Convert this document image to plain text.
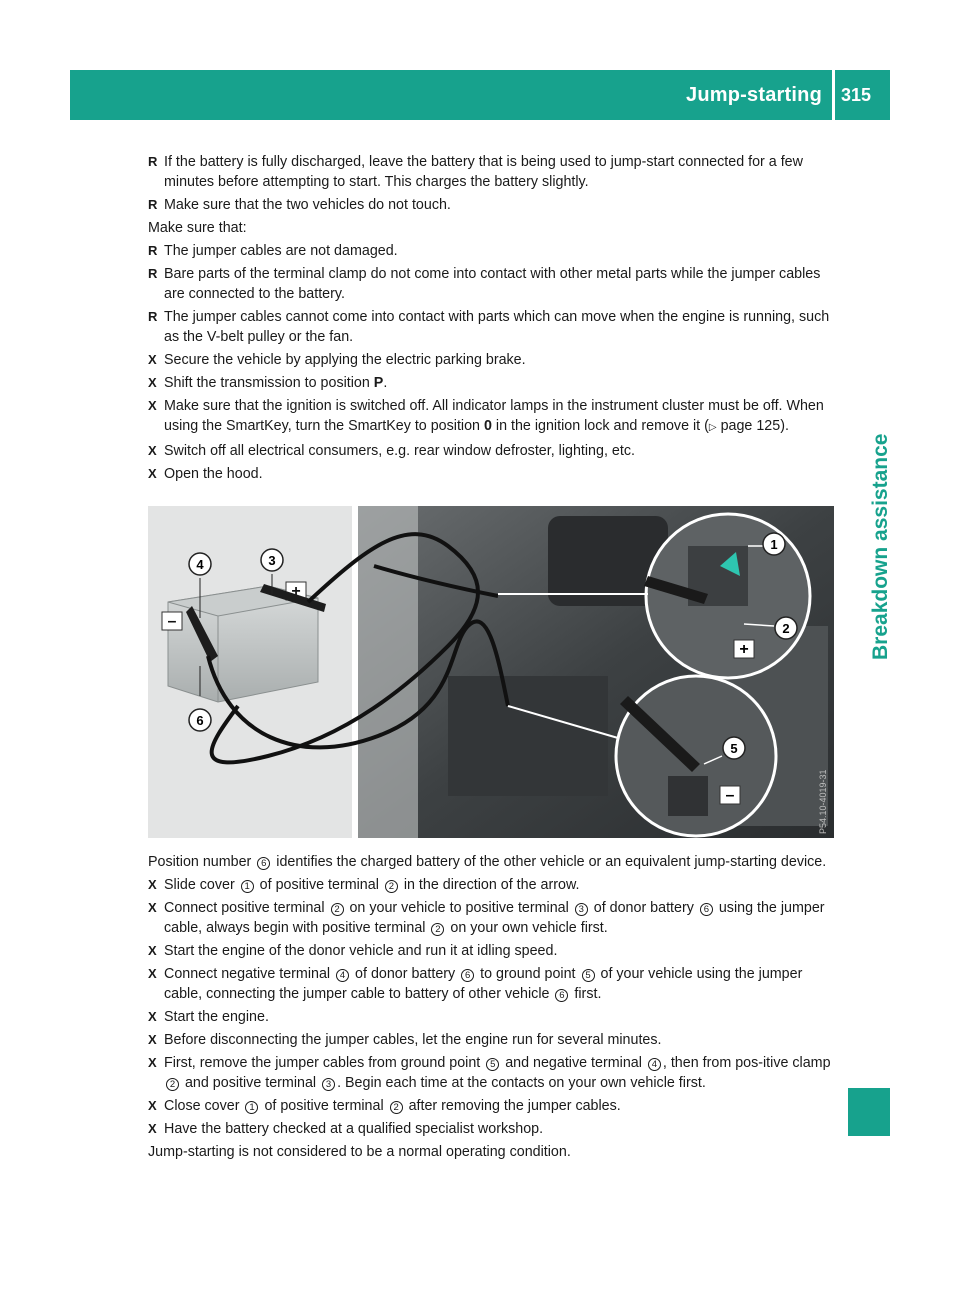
Jump-starting 315
Breakdown assistance
R If the battery is fully discharged, leave the battery that is being used to jump-start connected for a few minutes before attempting to start. This charges the battery slightly.
R Make sure that the two vehicles do not touch.
Make sure that:
R The jumper cables are not damaged.
R Bare parts of the terminal clamp do not come into contact with other metal parts while the jumper cables are connected to the battery.
R The jumper cables cannot come into contact with parts which can move when the engine is running, such as the V-belt pulley or the fan.
X Secure the vehicle by applying the electric parking brake.
X Shift the transmission to position P.
X Make sure that the ignition is switched off. All indicator lamps in the instrument cluster must be off. When using the SmartKey, turn the SmartKey to position 0 in the ignition lock and remove it (▷ page 125).
X Switch off all electrical consumers, e.g. rear window defroster, lighting, etc.
X Open the hood.
+
–
4	3
6
1
2
+
5
–	P54.10-4019-31
Position number 6 identifies the charged battery of the other vehicle or an equivalent jump-starting device.
X Slide cover 1 of positive terminal 2 in the direction of the arrow.
X Connect positive terminal 2 on your vehicle to positive terminal 3 of donor battery 6 using the jumper cable, always begin with positive terminal 2 on your own vehicle first.
X Start the engine of the donor vehicle and run it at idling speed.
X Connect negative terminal 4 of donor battery 6 to ground point 5 of your vehicle using the jumper cable, connecting the jumper cable to battery of other vehicle 6 first.
X Start the engine.
X Before disconnecting the jumper cables, let the engine run for several minutes.
X First, remove the jumper cables from ground point 5 and negative terminal 4 , then from pos-itive clamp 2 and positive terminal 3 . Begin each time at the contacts on your own vehicle first.
X Close cover 1 of positive terminal 2 after removing the jumper cables.
X Have the battery checked at a qualified specialist workshop.
Jump-starting is not considered to be a normal operating condition.
